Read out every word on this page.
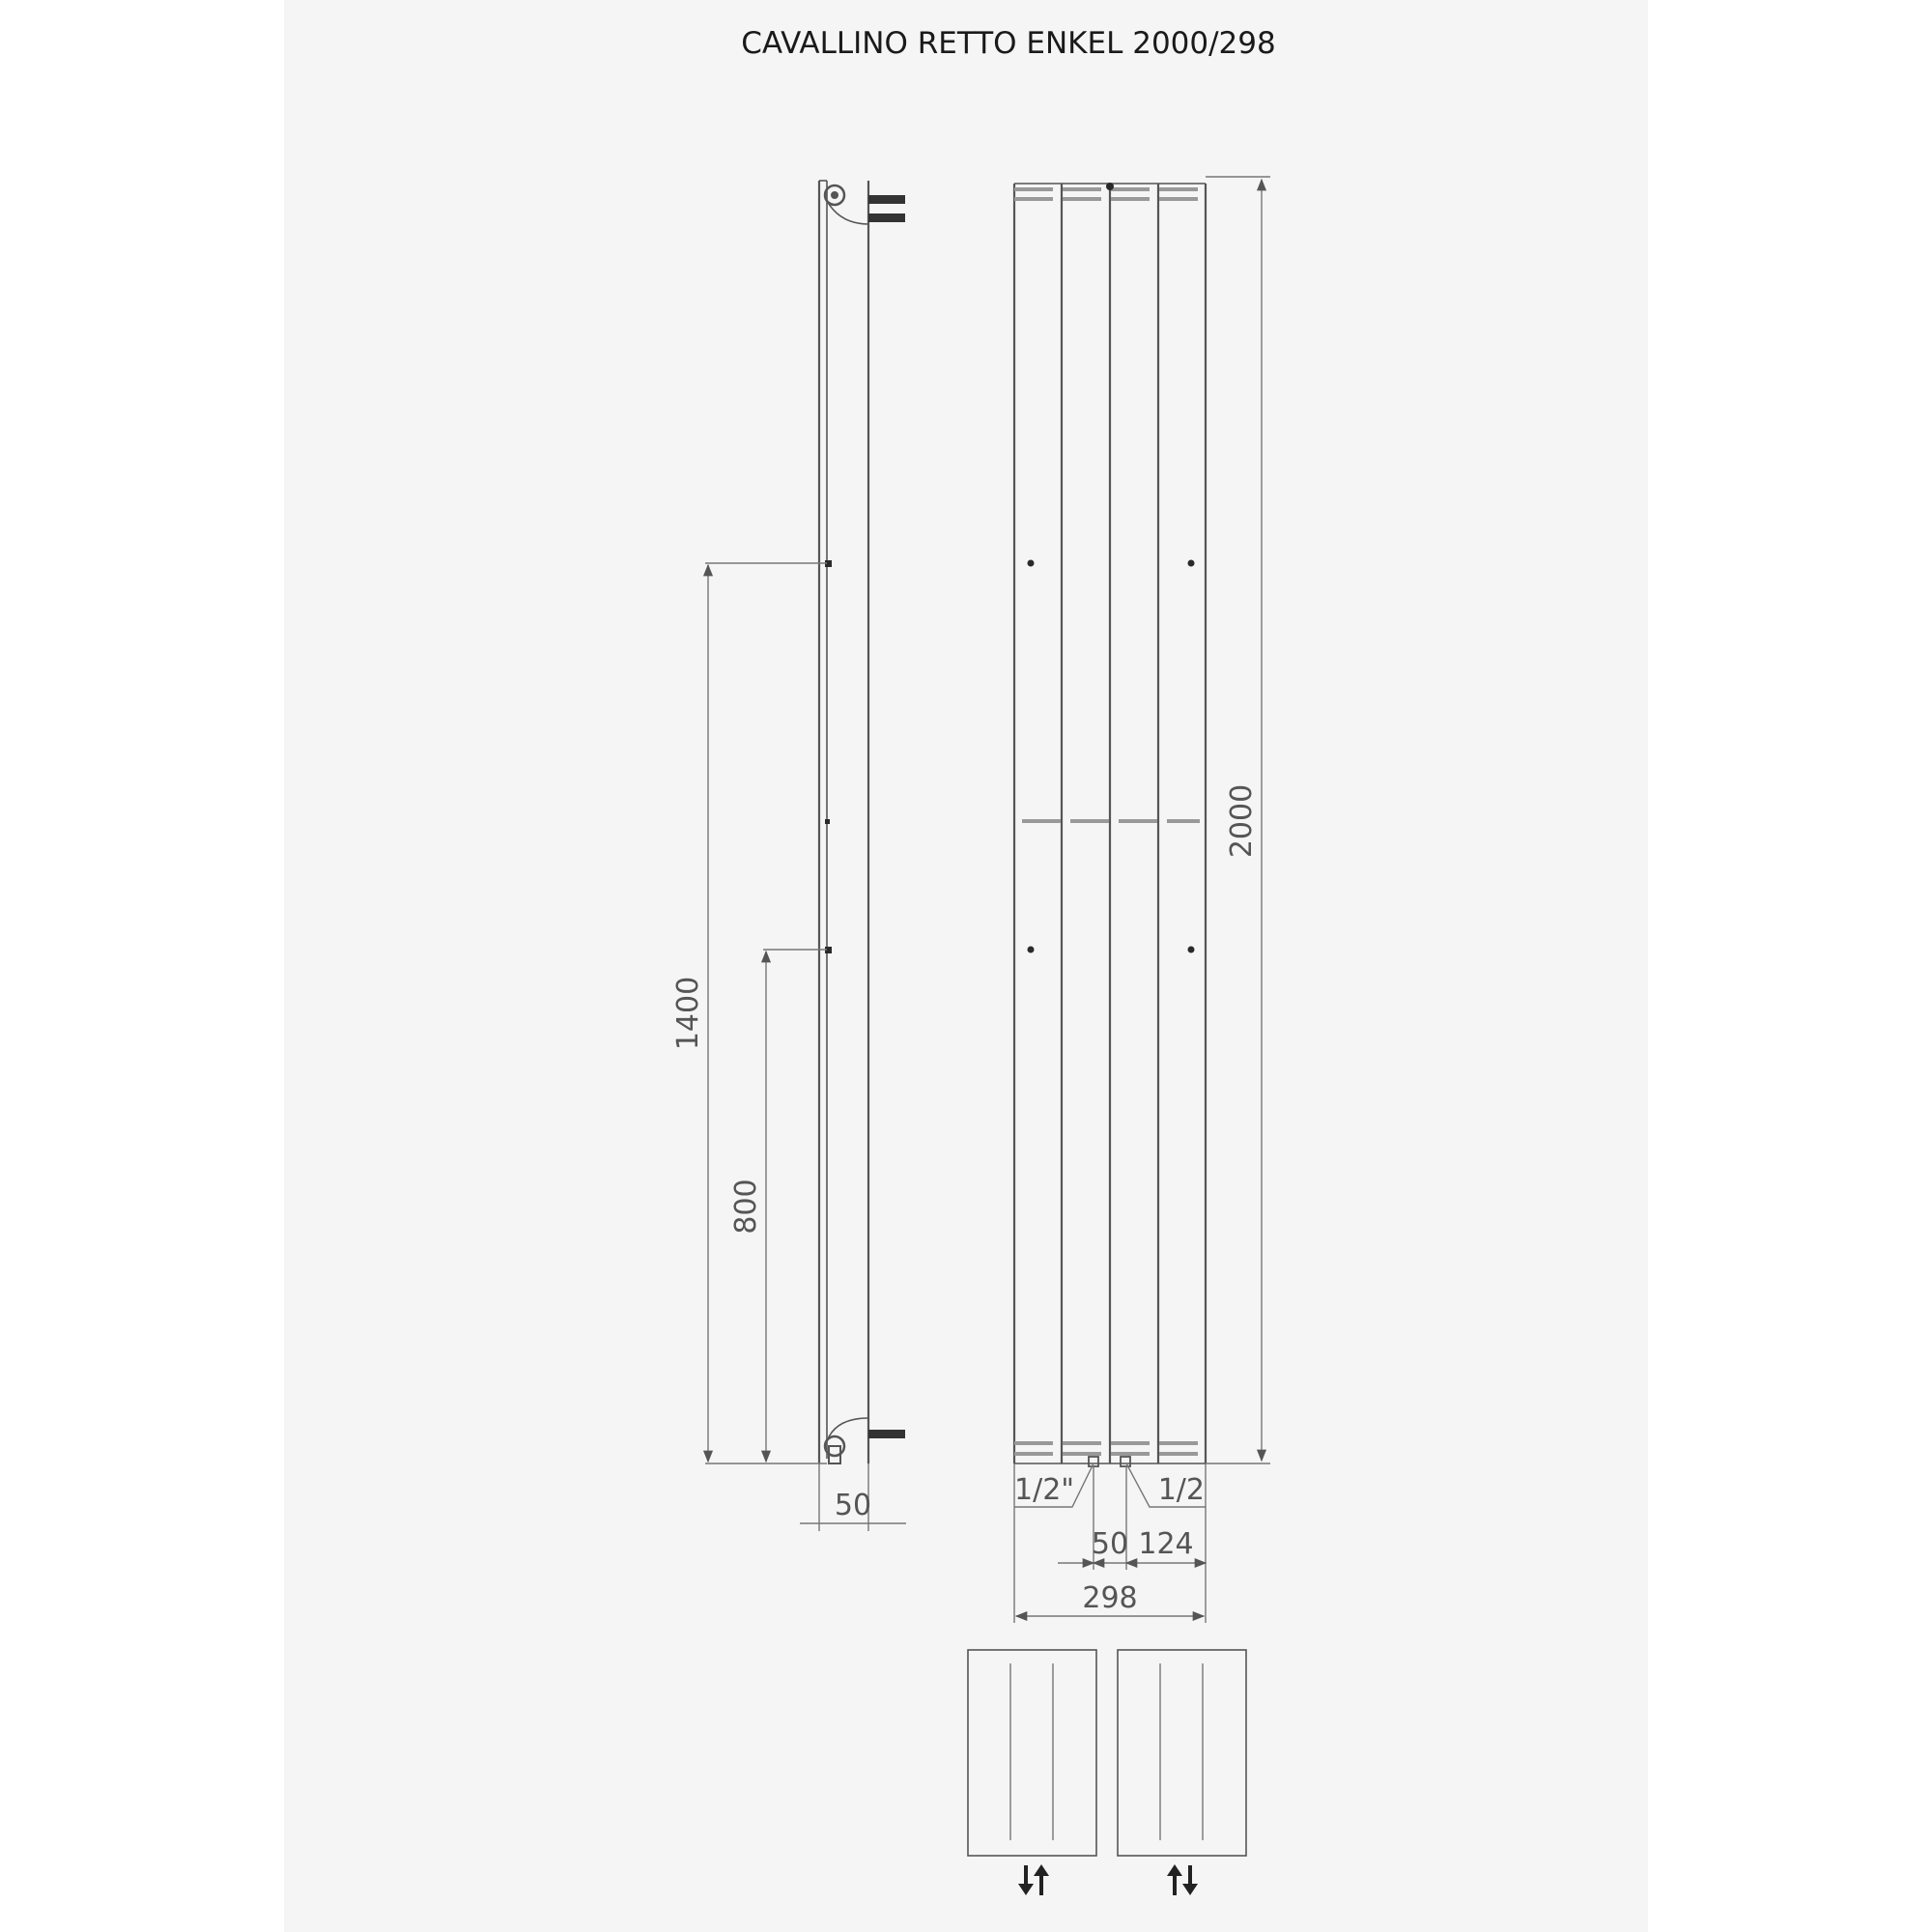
CAVALLINO RETTO ENKEL 2000/298
1400
800
50
2000
1/2"	1/2
50 124
298
